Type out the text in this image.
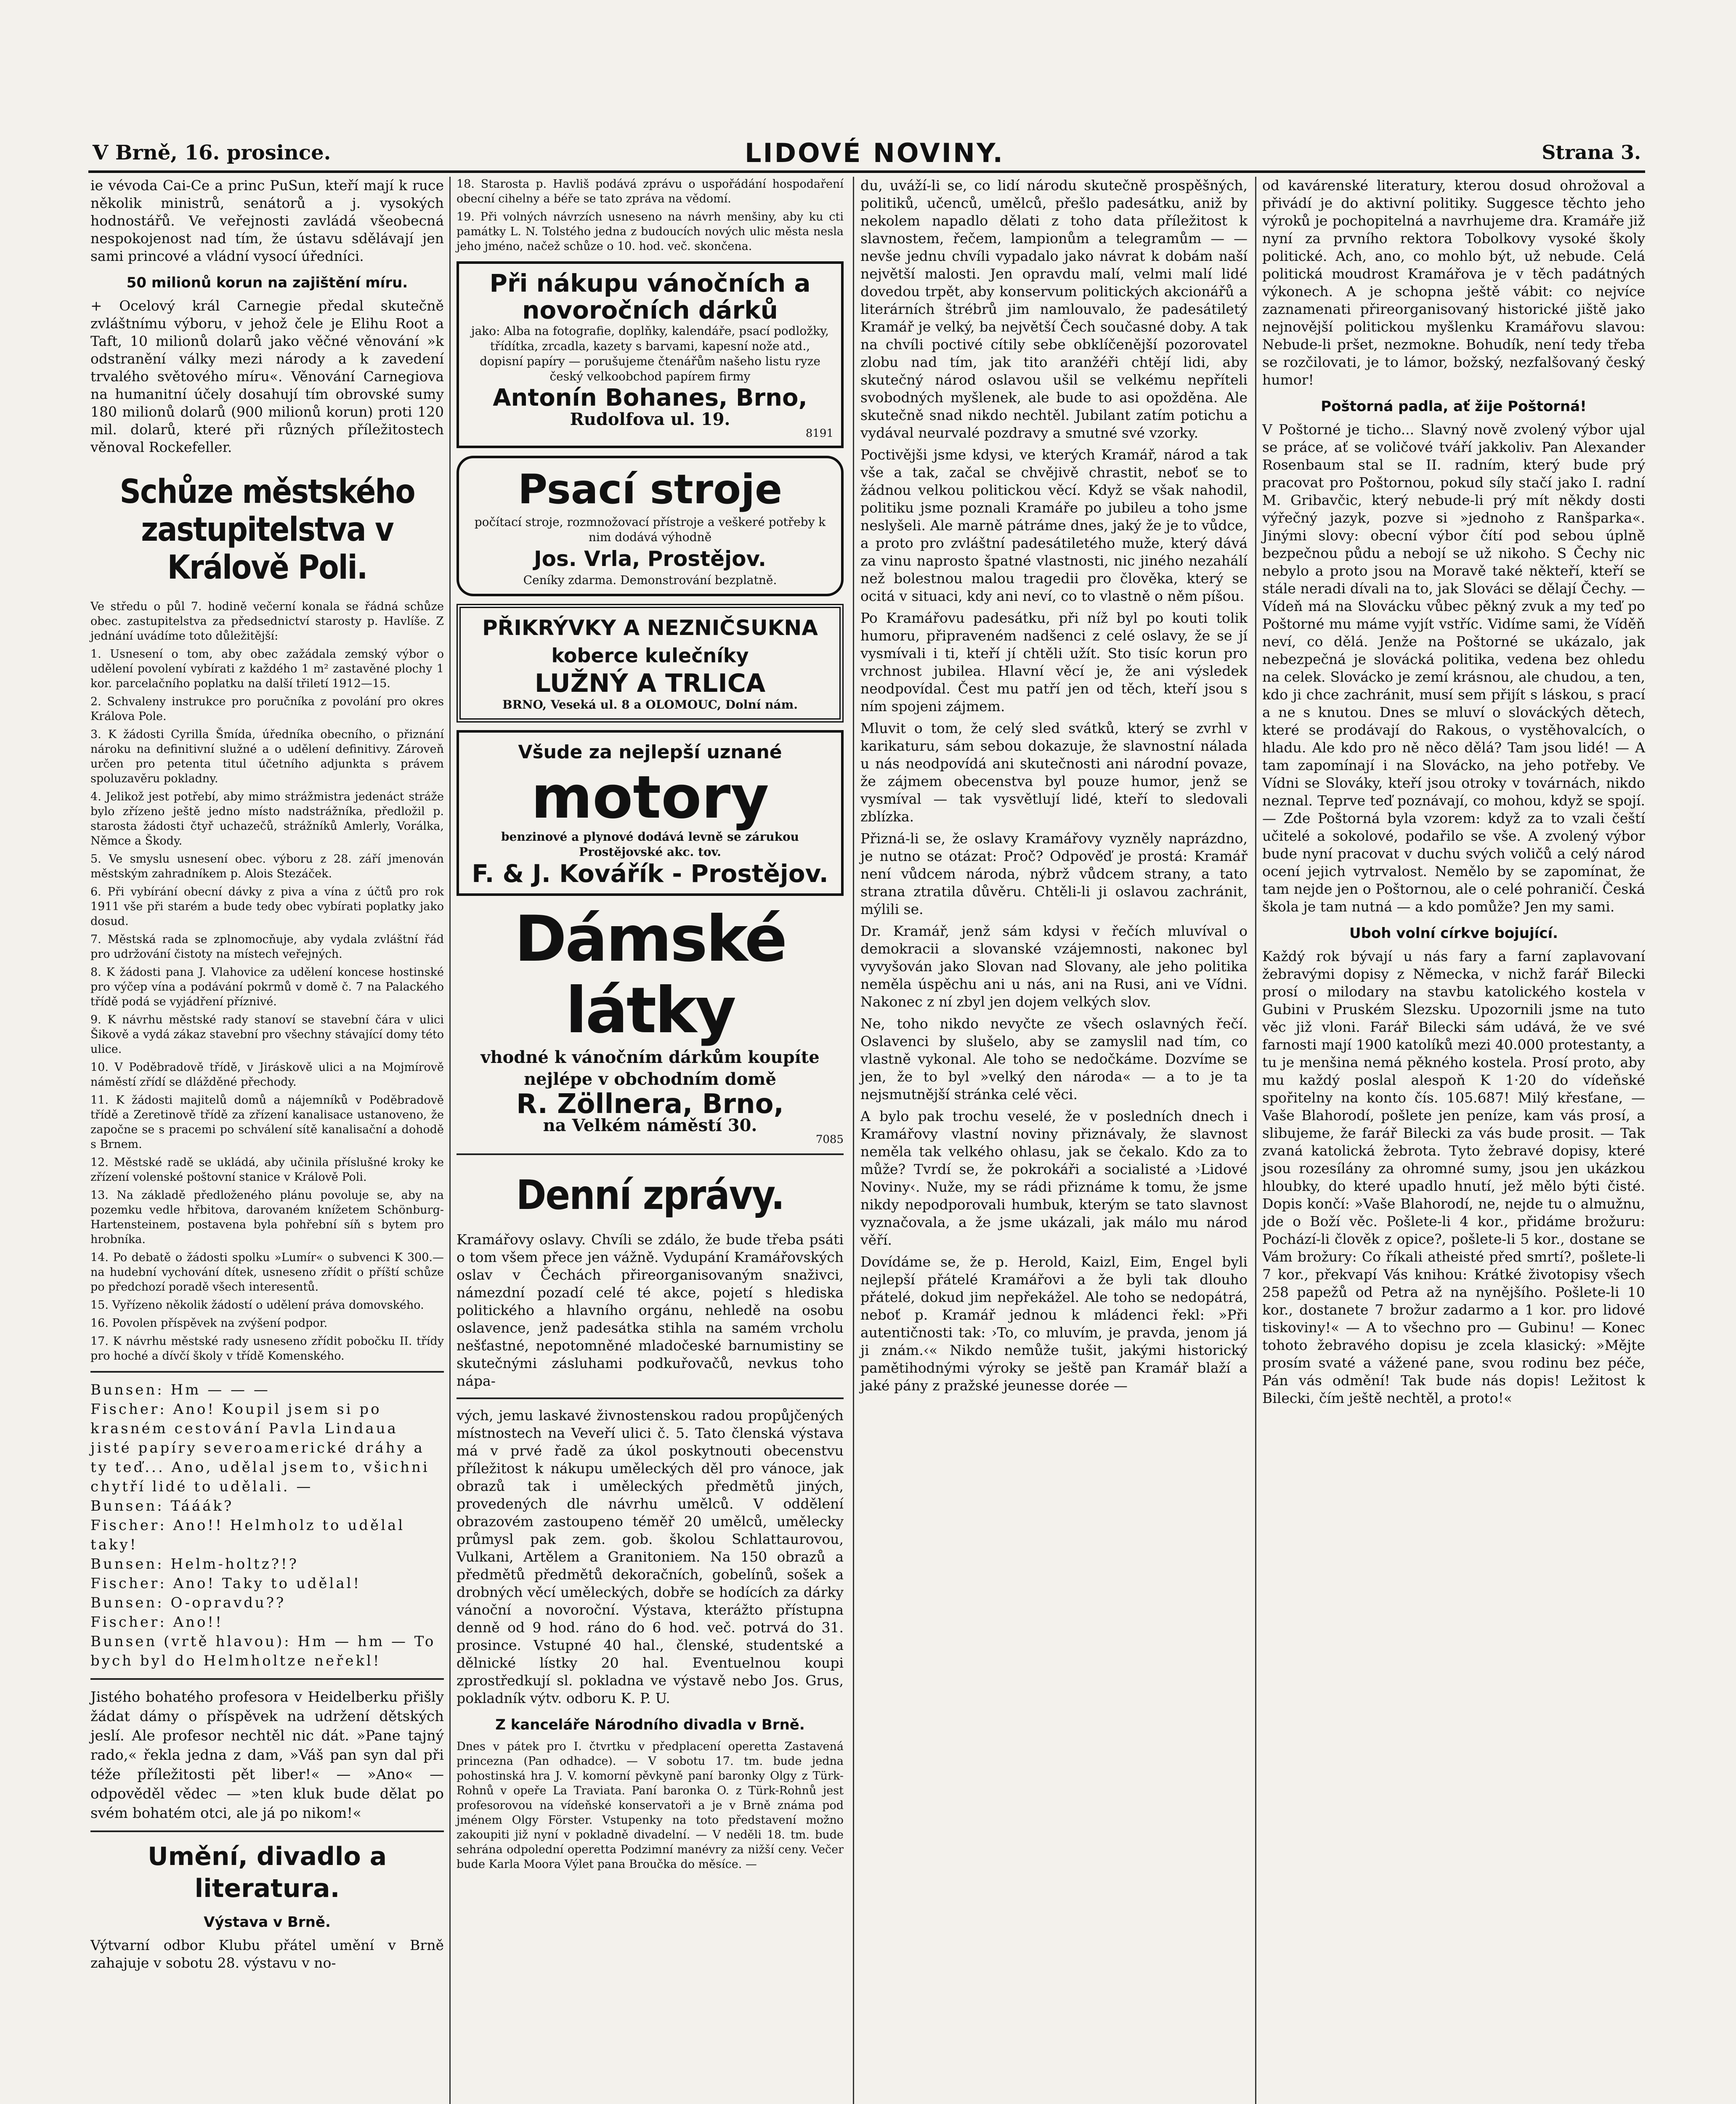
V Brně, 16. prosince.	LIDOVÉ NOVINY.	Strana 3.

ie vévoda Cai-Ce a princ PuSun, kteří mají k ruce několik ministrů, senátorů a j. vysokých hodnostářů. Ve veřejnosti zavládá všeobecná nespokojenost nad tím, že ústavu sdělávají jen sami princové a vládní vysocí úředníci.

50 milionů korun na zajištění míru.

+ Ocelový král Carnegie předal skutečně zvláštnímu výboru, v jehož čele je Elihu Root a Taft, 10 milionů dolarů jako věčné věnování »k odstranění války mezi národy a k zavedení trvalého světového míru«. Věnování Carnegiova na humanitní účely dosahují tím obrovské sumy 180 milionů dolarů (900 milionů korun) proti 120 mil. dolarů, které při různých příležitostech věnoval Rockefeller.

Schůze městského zastupitelstva v Králově Poli.

Ve středu o půl 7. hodině večerní konala se řádná schůze obec. zastupitelstva za předsednictví starosty p. Havlíše. Z jednání uvádíme toto důležitější:

1. Usnesení o tom, aby obec zažádala zemský výbor o udělení povolení vybírati z každého 1 m² zastavěné plochy 1 kor. parcelačního poplatku na další třiletí 1912—15.

2. Schvaleny instrukce pro poručníka z povolání pro okres Králova Pole.

3. K žádosti Cyrilla Šmída, úředníka obecního, o přiznání nároku na definitivní služné a o udělení definitivy. Zároveň určen pro petenta titul účetního adjunkta s právem spoluzavěru pokladny.

4. Jelikož jest potřebí, aby mimo strážmistra jedenáct stráže bylo zřízeno ještě jedno místo nadstrážníka, předložil p. starosta žádosti čtyř uchazečů, strážníků Amlerly, Vorálka, Němce a Škody.

5. Ve smyslu usnesení obec. výboru z 28. září jmenován městským zahradníkem p. Alois Stezáček.

6. Při vybírání obecní dávky z piva a vína z účtů pro rok 1911 vše při starém a bude tedy obec vybírati poplatky jako dosud.

7. Městská rada se zplnomocňuje, aby vydala zvláštní řád pro udržování čistoty na místech veřejných.

8. K žádosti pana J. Vlahovice za udělení koncese hostinské pro výčep vína a podávání pokrmů v domě č. 7 na Palackého třídě podá se vyjádření příznivé.

9. K návrhu městské rady stanoví se stavební čára v ulici Šikově a vydá zákaz stavební pro všechny stávající domy této ulice.

10. V Poděbradově třídě, v Jiráskově ulici a na Mojmírově náměstí zřídí se dlážděné přechody.

11. K žádosti majitelů domů a nájemníků v Poděbradově třídě a Zeretinově třídě za zřízení kanalisace ustanoveno, že započne se s pracemi po schválení sítě kanalisační a dohodě s Brnem.

12. Městské radě se ukládá, aby učinila příslušné kroky ke zřízení volenské poštovní stanice v Králově Poli.

13. Na základě předloženého plánu povoluje se, aby na pozemku vedle hřbitova, darovaném knížetem Schönburg-Hartensteinem, postavena byla pohřební síň s bytem pro hrobníka.

14. Po debatě o žádosti spolku »Lumír« o subvenci K 300.— na hudební vychování dítek, usneseno zřídit o příští schůze po předchozí poradě všech interesentů.

15. Vyřízeno několik žádostí o udělení práva domovského.

16. Povolen příspěvek na zvýšení podpor.

17. K návrhu městské rady usneseno zřídit pobočku II. třídy pro hoché a dívčí školy v třídě Komenského.

Bunsen: Hm — — —

Fischer: Ano! Koupil jsem si po krasném cestování Pavla Lindaua jisté papíry severoamerické dráhy a ty teď... Ano, udělal jsem to, všichni chytří lidé to udělali. —

Bunsen: Tááák?

Fischer: Ano!! Helmholz to udělal taky!

Bunsen: Helm-holtz?!?

Fischer: Ano! Taky to udělal!

Bunsen: O-opravdu??

Fischer: Ano!!

Bunsen (vrtě hlavou): Hm — hm — To bych byl do Helmholtze neřekl!

Jistého bohatého profesora v Heidelberku přišly žádat dámy o příspěvek na udržení dětských jeslí. Ale profesor nechtěl nic dát. »Pane tajný rado,« řekla jedna z dam, »Váš pan syn dal při téže příležitosti pět liber!« — »Ano« — odpověděl vědec — »ten kluk bude dělat po svém bohatém otci, ale já po nikom!«

Umění, divadlo a literatura.
Výstava v Brně.

Výtvarní odbor Klubu přátel umění v Brně zahajuje v sobotu 28. výstavu v no-

18. Starosta p. Havliš podává zprávu o uspořádání hospodaření obecní cihelny a béře se tato zpráva na vědomí.

19. Při volných návrzích usneseno na návrh menšiny, aby ku cti památky L. N. Tolstého jedna z budoucích nových ulic města nesla jeho jméno, načež schůze o 10. hod. več. skončena.

Při nákupu vánočních a novoročních dárků
jako: Alba na fotografie, doplňky, kalendáře, psací podložky, třídítka, zrcadla, kazety s barvami, kapesní nože atd., dopisní papíry — porušujeme čtenářům našeho listu ryze český velkoobchod papírem firmy
Antonín Bohanes, Brno,
Rudolfova ul. 19.
8191
Psací stroje
počítací stroje, rozmnožovací přístroje a veškeré potřeby k nim dodává výhodně
Jos. Vrla, Prostějov.
Ceníky zdarma. Demonstrování bezplatně.
PŘIKRÝVKY A NEZNIČSUKNA
koberce kulečníky
LUŽNÝ A TRLICA
BRNO, Veseká ul. 8 a OLOMOUC, Dolní nám.
Všude za nejlepší uznané
motory
benzinové a plynové dodává levně se zárukou Prostějovské akc. tov.
F. & J. Kovářík - Prostějov.
Dámské látky
vhodné k vánočním dárkům koupíte nejlépe v obchodním domě
R. Zöllnera, Brno,
na Velkém náměstí 30.
7085
Denní zprávy.

Kramářovy oslavy. Chvíli se zdálo, že bude třeba psáti o tom všem přece jen vážně. Vydupání Kramářovských oslav v Čechách přireorganisovaným snaživci, námezdní pozadí celé té akce, pojetí s hlediska politického a hlavního orgánu, nehledě na osobu oslavence, jenž padesátka stihla na samém vrcholu nešťastné, nepotomněné mladočeské barnumistiny se skutečnými zásluhami podkuřovačů, nevkus toho nápa-

vých, jemu laskavé živnostenskou radou propůjčených místnostech na Veveří ulici č. 5. Tato členská výstava má v prvé řadě za úkol poskytnouti obecenstvu příležitost k nákupu uměleckých děl pro vánoce, jak obrazů tak i uměleckých předmětů jiných, provedených dle návrhu umělců. V oddělení obrazovém zastoupeno téměř 20 umělců, umělecky průmysl pak zem. gob. školou Schlattaurovou, Vulkani, Artělem a Granitoniem. Na 150 obrazů a předmětů předmětů dekoračních, gobelínů, sošek a drobných věcí uměleckých, dobře se hodících za dárky vánoční a novoroční. Výstava, kterážto přístupna denně od 9 hod. ráno do 6 hod. več. potrvá do 31. prosince. Vstupné 40 hal., členské, studentské a dělnické lístky 20 hal. Eventuelnou koupi zprostředkují sl. pokladna ve výstavě nebo Jos. Grus, pokladník výtv. odboru K. P. U.

Z kanceláře Národního divadla v Brně.

Dnes v pátek pro I. čtvrtku v předplacení operetta Zastavená princezna (Pan odhadce). — V sobotu 17. tm. bude jedna pohostinská hra J. V. komorní pěvkyně paní baronky Olgy z Türk-Rohnů v opeře La Traviata. Paní baronka O. z Türk-Rohnů jest profesorovou na vídeňské konservatoři a je v Brně známa pod jménem Olgy Förster. Vstupenky na toto představení možno zakoupiti již nyní v pokladně divadelní. — V neděli 18. tm. bude sehrána odpolední operetta Podzimní manévry za nižší ceny. Večer bude Karla Moora Výlet pana Broučka do měsíce. —

du, uváží-li se, co lidí národu skutečně prospěšných, politiků, učenců, umělců, přešlo padesátku, aniž by nekolem napadlo dělati z toho data příležitost k slavnostem, řečem, lampionům a telegramům — — nevše jednu chvíli vypadalo jako návrat k dobám naší největší malosti. Jen opravdu malí, velmi malí lidé dovedou trpět, aby konservum politických akcionářů a literárních štrébrů jim namlouvalo, že padesátiletý Kramář je velký, ba největší Čech současné doby. A tak na chvíli poctivé cítily sebe obklíčenější pozorovatel zlobu nad tím, jak tito aranžéři chtějí lidi, aby skutečný národ oslavou ušil se velkému nepříteli svobodných myšlenek, ale bude to asi opožděna. Ale skutečně snad nikdo nechtěl. Jubilant zatím potichu a vydával neurvalé pozdravy a smutné své vzorky.

Poctivějši jsme kdysi, ve kterých Kramář, národ a tak vše a tak, začal se chvějivě chrastit, neboť se to žádnou velkou politickou věcí. Když se však nahodil, politiku jsme poznali Kramáře po jubileu a toho jsme neslyšeli. Ale marně pátráme dnes, jaký že je to vůdce, a proto pro zvláštní padesátiletého muže, který dává za vinu naprosto špatné vlastnosti, nic jiného nezahálí než bolestnou malou tragedii pro člověka, který se ocitá v situaci, kdy ani neví, co to vlastně o něm píšou.

Po Kramářovu padesátku, při níž byl po kouti tolik humoru, připraveném nadšenci z celé oslavy, že se jí vysmívali i ti, kteří jí chtěli užít. Sto tisíc korun pro vrchnost jubilea. Hlavní věcí je, že ani výsledek neodpovídal. Čest mu patří jen od těch, kteří jsou s ním spojeni zájmem.

Mluvit o tom, že celý sled svátků, který se zvrhl v karikaturu, sám sebou dokazuje, že slavnostní nálada u nás neodpovídá ani skutečnosti ani národní povaze, že zájmem obecenstva byl pouze humor, jenž se vysmíval — tak vysvětlují lidé, kteří to sledovali zblízka.

Přizná-li se, že oslavy Kramářovy vyzněly naprázdno, je nutno se otázat: Proč? Odpověď je prostá: Kramář není vůdcem národa, nýbrž vůdcem strany, a tato strana ztratila důvěru. Chtěli-li ji oslavou zachránit, mýlili se.

Dr. Kramář, jenž sám kdysi v řečích mluvíval o demokracii a slovanské vzájemnosti, nakonec byl vyvyšován jako Slovan nad Slovany, ale jeho politika neměla úspěchu ani u nás, ani na Rusi, ani ve Vídni. Nakonec z ní zbyl jen dojem velkých slov.

Ne, toho nikdo nevyčte ze všech oslavných řečí. Oslavenci by slušelo, aby se zamyslil nad tím, co vlastně vykonal. Ale toho se nedočkáme. Dozvíme se jen, že to byl »velký den národa« — a to je ta nejsmutnější stránka celé věci.

A bylo pak trochu veselé, že v posledních dnech i Kramářovy vlastní noviny přiznávaly, že slavnost neměla tak velkého ohlasu, jak se čekalo. Kdo za to může? Tvrdí se, že pokrokáři a socialisté a ›Lidové Noviny‹. Nuže, my se rádi přiznáme k tomu, že jsme nikdy nepodporovali humbuk, kterým se tato slavnost vyznačovala, a že jsme ukázali, jak málo mu národ věří.

Dovídáme se, že p. Herold, Kaizl, Eim, Engel byli nejlepší přátelé Kramářovi a že byli tak dlouho přátelé, dokud jim nepřekážel. Ale toho se nedopátrá, neboť p. Kramář jednou k mládenci řekl: »Při autentičnosti tak: ›To, co mluvím, je pravda, jenom já ji znám.‹« Nikdo nemůže tušit, jakými historický pamětihodnými výroky se ještě pan Kramář blaží a jaké pány z pražské jeunesse dorée —

od kavárenské literatury, kterou dosud ohrožoval a přivádí je do aktivní politiky. Suggesce těchto jeho výroků je pochopitelná a navrhujeme dra. Kramáře již nyní za prvního rektora Tobolkovy vysoké školy politické. Ach, ano, co mohlo být, už nebude. Celá politická moudrost Kramářova je v těch padátných výkonech. A je schopna ještě vábit: co nejvíce zaznamenati přireorganisovaný historické jiště jako nejnovější politickou myšlenku Kramářovu slavou: Nebude-li pršet, nezmokne. Bohudík, není tedy třeba se rozčilovati, je to lámor, božský, nezfalšovaný český humor!

Poštorná padla, ať žije Poštorná!

V Poštorné je ticho... Slavný nově zvolený výbor ujal se práce, ať se voličové tváří jakkoliv. Pan Alexander Rosenbaum stal se II. radním, který bude prý pracovat pro Poštornou, pokud síly stačí jako I. radní M. Gribavčic, který nebude-li prý mít někdy dosti výřečný jazyk, pozve si »jednoho z Ranšparka«. Jinými slovy: obecní výbor čítí pod sebou úplně bezpečnou půdu a nebojí se už nikoho. S Čechy nic nebylo a proto jsou na Moravě také někteří, kteří se stále neradi dívali na to, jak Slováci se dělají Čechy. — Vídeň má na Slovácku vůbec pěkný zvuk a my teď po Poštorné mu máme vyjít vstříc. Vidíme sami, že Víděň neví, co dělá. Jenže na Poštorné se ukázalo, jak nebezpečná je slovácká politika, vedena bez ohledu na celek. Slovácko je zemí krásnou, ale chudou, a ten, kdo ji chce zachránit, musí sem přijít s láskou, s prací a ne s knutou. Dnes se mluví o slováckých dětech, které se prodávají do Rakous, o vystěhovalcích, o hladu. Ale kdo pro ně něco dělá? Tam jsou lidé! — A tam zapomínají i na Slovácko, na jeho potřeby. Ve Vídni se Slováky, kteří jsou otroky v továrnách, nikdo neznal. Teprve teď poznávají, co mohou, když se spojí. — Zde Poštorná byla vzorem: když za to vzali čeští učitelé a sokolové, podařilo se vše. A zvolený výbor bude nyní pracovat v duchu svých voličů a celý národ ocení jejich vytrvalost. Nemělo by se zapomínat, že tam nejde jen o Poštornou, ale o celé pohraničí. Česká škola je tam nutná — a kdo pomůže? Jen my sami.

Uboh volní církve bojující.

Každý rok bývají u nás fary a farní zaplavovaní žebravými dopisy z Německa, v nichž farář Bilecki prosí o milodary na stavbu katolického kostela v Gubini v Pruském Slezsku. Upozornili jsme na tuto věc již vloni. Farář Bilecki sám udává, že ve své farnosti mají 1900 katolíků mezi 40.000 protestanty, a tu je menšina nemá pěkného kostela. Prosí proto, aby mu každý poslal alespoň K 1·20 do vídeňské spořitelny na konto čís. 105.687! Milý křesťane, — Vaše Blahorodí, pošlete jen peníze, kam vás prosí, a slibujeme, že farář Bilecki za vás bude prosit. — Tak zvaná katolická žebrota. Tyto žebravé dopisy, které jsou rozesílány za ohromné sumy, jsou jen ukázkou hloubky, do které upadlo hnutí, jež mělo býti čisté. Dopis končí: »Vaše Blahorodí, ne, nejde tu o almužnu, jde o Boží věc. Pošlete-li 4 kor., přidáme brožuru: Pochází-li člověk z opice?, pošlete-li 5 kor., dostane se Vám brožury: Co říkali atheisté před smrtí?, pošlete-li 7 kor., překvapí Vás knihou: Krátké životopisy všech 258 papežů od Petra až na nynějšího. Pošlete-li 10 kor., dostanete 7 brožur zadarmo a 1 kor. pro lidové tiskoviny!« — A to všechno pro — Gubinu! — Konec tohoto žebravého dopisu je zcela klasický: »Mějte prosím svaté a vážené pane, svou rodinu bez péče, Pán vás odmění! Tak bude nás dopis! Ležitost k Bilecki, čím ještě nechtěl, a proto!«
